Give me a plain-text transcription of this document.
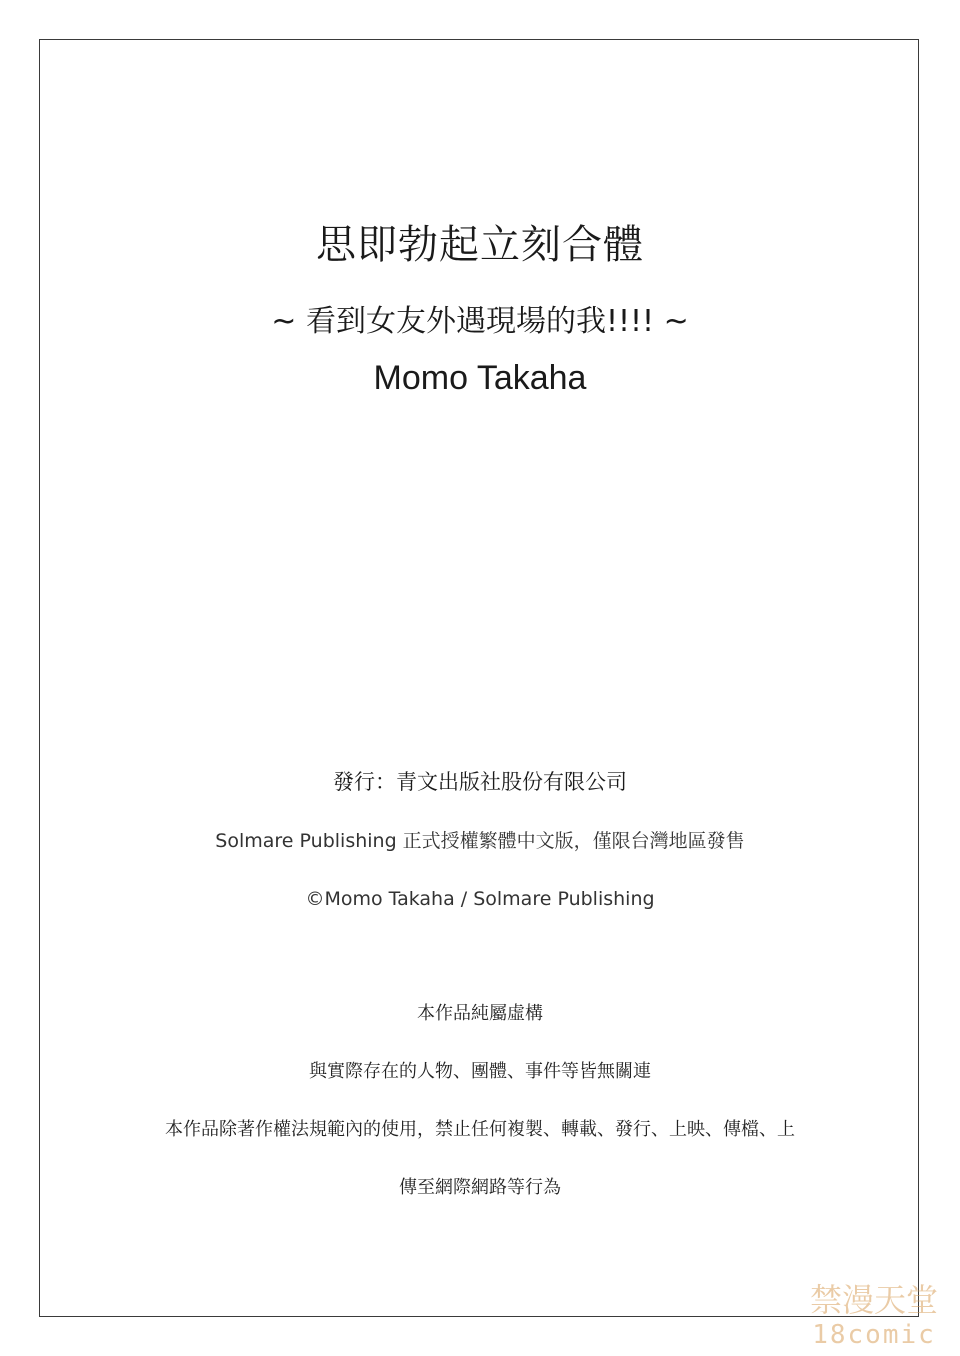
思即勃起立刻合體
~ 看到女友外遇現場的我!!!! ~
Momo Takaha
發行：青文出版社股份有限公司
Solmare Publishing 正式授權繁體中文版，僅限台灣地區發售
©Momo Takaha / Solmare Publishing
本作品純屬虛構
與實際存在的人物、團體、事件等皆無關連
本作品除著作權法規範內的使用，禁止任何複製、轉載、發行、上映、傳檔、上
傳至網際網路等行為
禁漫天堂
18comic
